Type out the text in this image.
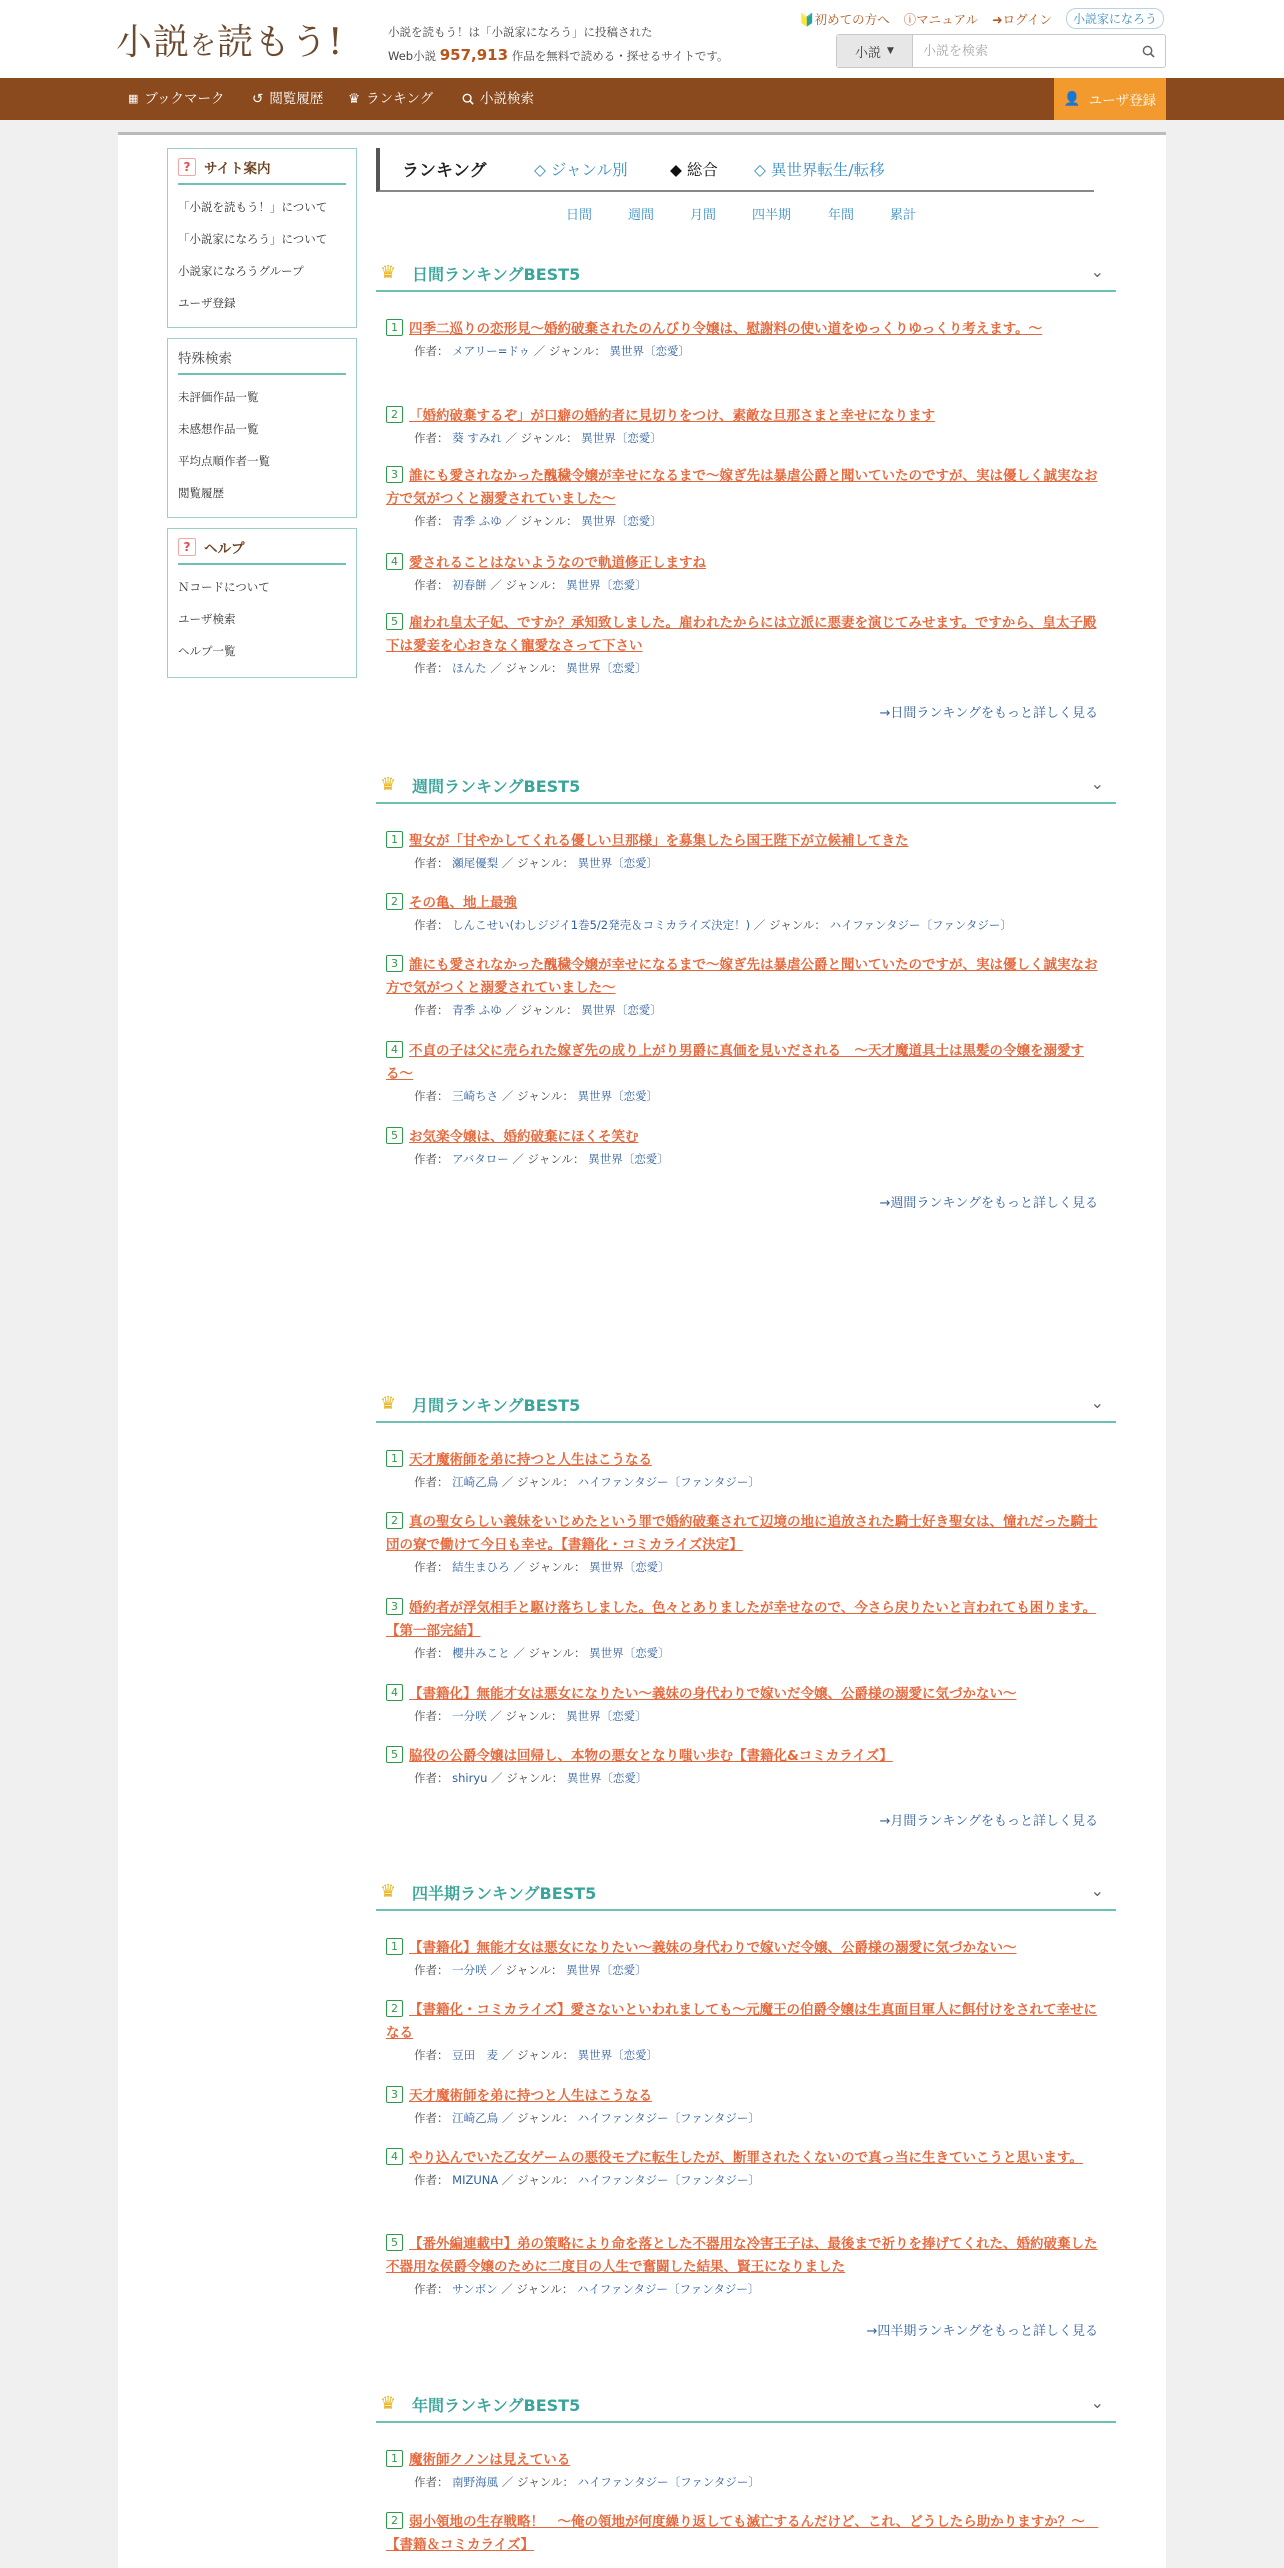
小説を読もう!	小説を読もう！は「小説家になろう」に投稿された
Web小説 957,913 作品を無料で読める・探せるサイトです。
🔰初めての方へ ⓘマニュアル ➜ログイン	小説家になろう
小説 ▼
小説を検索
▦ ブックマーク ↺ 閲覧履歴 ♛ ランキング	小説検索	👤 ユーザ登録
?	サイト案内
「小説を読もう！」について
「小説家になろう」について
小説家になろうグループ
ユーザ登録
特殊検索
未評価作品一覧
未感想作品一覧
平均点順作者一覧
閲覧履歴
?	ヘルプ
Ｎコードについて
ユーザ検索
ヘルプ一覧
ランキング	◇ ジャンル別	◆ 総合 ◇ 異世界転生/転移
日間	週間	月間	四半期	年間	累計
♛ 日間ランキングBEST5	⌄
1 四季二巡りの恋形見〜婚約破棄されたのんびり令嬢は、慰謝料の使い道をゆっくりゆっくり考えます。〜
作者： メアリー=ドゥ ／ ジャンル： 異世界〔恋愛〕
2 「婚約破棄するぞ」が口癖の婚約者に見切りをつけ、素敵な旦那さまと幸せになります
作者： 葵 すみれ ／ ジャンル： 異世界〔恋愛〕
3 誰にも愛されなかった醜穢令嬢が幸せになるまで〜嫁ぎ先は暴虐公爵と聞いていたのですが、実は優しく誠実なお方で気がつくと溺愛されていました〜
作者： 青季 ふゆ ／ ジャンル： 異世界〔恋愛〕
4 愛されることはないようなので軌道修正しますね
作者： 初春餅 ／ ジャンル： 異世界〔恋愛〕
5 雇われ皇太子妃、ですか？承知致しました。雇われたからには立派に悪妻を演じてみせます。ですから、皇太子殿下は愛妾を心おきなく寵愛なさって下さい
作者： ほんた ／ ジャンル： 異世界〔恋愛〕
→日間ランキングをもっと詳しく見る
♛ 週間ランキングBEST5	⌄
1 聖女が「甘やかしてくれる優しい旦那様」を募集したら国王陛下が立候補してきた
作者： 瀬尾優梨 ／ ジャンル： 異世界〔恋愛〕
2 その亀、地上最強
作者： しんこせい(わしジジイ1巻5/2発売＆コミカライズ決定！) ／ ジャンル： ハイファンタジー〔ファンタジー〕
3 誰にも愛されなかった醜穢令嬢が幸せになるまで〜嫁ぎ先は暴虐公爵と聞いていたのですが、実は優しく誠実なお方で気がつくと溺愛されていました〜
作者： 青季 ふゆ ／ ジャンル： 異世界〔恋愛〕
4 不貞の子は父に売られた嫁ぎ先の成り上がり男爵に真価を見いだされる　〜天才魔道具士は黒髪の令嬢を溺愛する〜
作者： 三崎ちさ ／ ジャンル： 異世界〔恋愛〕
5 お気楽令嬢は、婚約破棄にほくそ笑む
作者： アバタロー ／ ジャンル： 異世界〔恋愛〕
→週間ランキングをもっと詳しく見る
♛ 月間ランキングBEST5	⌄
1 天才魔術師を弟に持つと人生はこうなる
作者： 江崎乙鳥 ／ ジャンル： ハイファンタジー〔ファンタジー〕
2 真の聖女らしい義妹をいじめたという罪で婚約破棄されて辺境の地に追放された騎士好き聖女は、憧れだった騎士団の寮で働けて今日も幸せ。【書籍化・コミカライズ決定】
作者： 結生まひろ ／ ジャンル： 異世界〔恋愛〕
3 婚約者が浮気相手と駆け落ちしました。色々とありましたが幸せなので、今さら戻りたいと言われても困ります。【第一部完結】
作者： 櫻井みこと ／ ジャンル： 異世界〔恋愛〕
4 【書籍化】無能才女は悪女になりたい〜義妹の身代わりで嫁いだ令嬢、公爵様の溺愛に気づかない〜
作者： 一分咲 ／ ジャンル： 異世界〔恋愛〕
5 脇役の公爵令嬢は回帰し、本物の悪女となり嗤い歩む【書籍化&コミカライズ】
作者： shiryu ／ ジャンル： 異世界〔恋愛〕
→月間ランキングをもっと詳しく見る
♛ 四半期ランキングBEST5	⌄
1 【書籍化】無能才女は悪女になりたい〜義妹の身代わりで嫁いだ令嬢、公爵様の溺愛に気づかない〜
作者： 一分咲 ／ ジャンル： 異世界〔恋愛〕
2 【書籍化・コミカライズ】愛さないといわれましても〜元魔王の伯爵令嬢は生真面目軍人に餌付けをされて幸せになる
作者： 豆田　麦 ／ ジャンル： 異世界〔恋愛〕
3 天才魔術師を弟に持つと人生はこうなる
作者： 江崎乙鳥 ／ ジャンル： ハイファンタジー〔ファンタジー〕
4 やり込んでいた乙女ゲームの悪役モブに転生したが、断罪されたくないので真っ当に生きていこうと思います。
作者： MIZUNA ／ ジャンル： ハイファンタジー〔ファンタジー〕
5 【番外編連載中】弟の策略により命を落とした不器用な冷害王子は、最後まで祈りを捧げてくれた、婚約破棄した不器用な侯爵令嬢のために二度目の人生で奮闘した結果、賢王になりました
作者： サンボン ／ ジャンル： ハイファンタジー〔ファンタジー〕
→四半期ランキングをもっと詳しく見る
♛ 年間ランキングBEST5	⌄
1 魔術師クノンは見えている
作者： 南野海風 ／ ジャンル： ハイファンタジー〔ファンタジー〕
2 弱小領地の生存戦略！　〜俺の領地が何度繰り返しても滅亡するんだけど、これ、どうしたら助かりますか？〜　【書籍＆コミカライズ】
